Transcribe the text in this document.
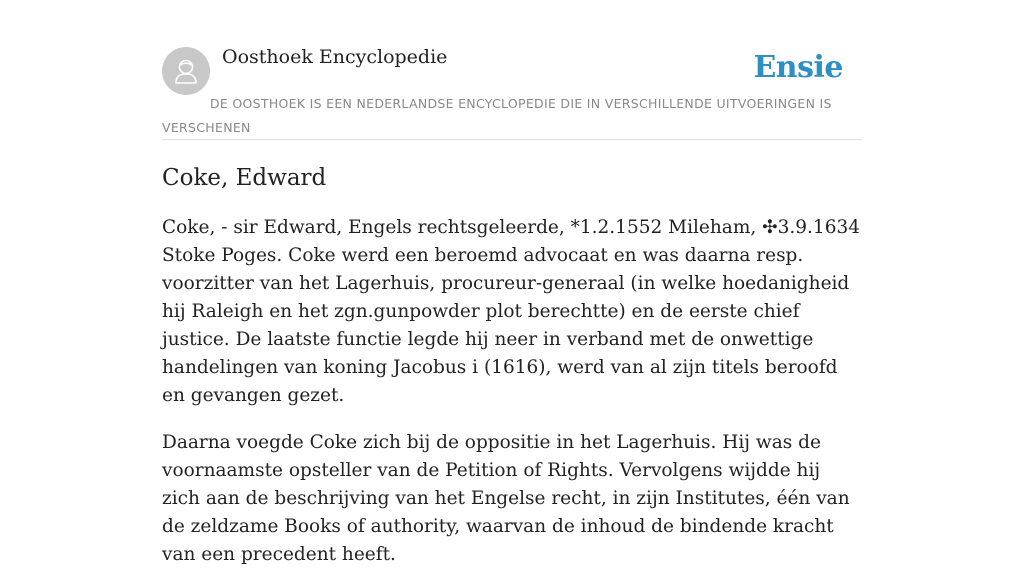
Oosthoek Encyclopedie	Ensie

DE OOSTHOEK IS EEN NEDERLANDSE ENCYCLOPEDIE DIE IN VERSCHILLENDE UITVOERINGEN IS VERSCHENEN

Coke, Edward

Coke, - sir Edward, Engels rechtsgeleerde, *1.2.1552 Mileham, ✣3.9.1634 Stoke Poges. Coke werd een beroemd advocaat en was daarna resp. voorzitter van het Lagerhuis, procureur-generaal (in welke hoedanigheid hij Raleigh en het zgn.gunpowder plot berechtte) en de eerste chief justice. De laatste functie legde hij neer in verband met de onwettige handelingen van koning Jacobus i (1616), werd van al zijn titels beroofd en gevangen gezet.

Daarna voegde Coke zich bij de oppositie in het Lagerhuis. Hij was de voornaamste opsteller van de Petition of Rights. Vervolgens wijdde hij zich aan de beschrijving van het Engelse recht, in zijn Institutes, één van de zeldzame Books of authority, waarvan de inhoud de bindende kracht van een precedent heeft.
